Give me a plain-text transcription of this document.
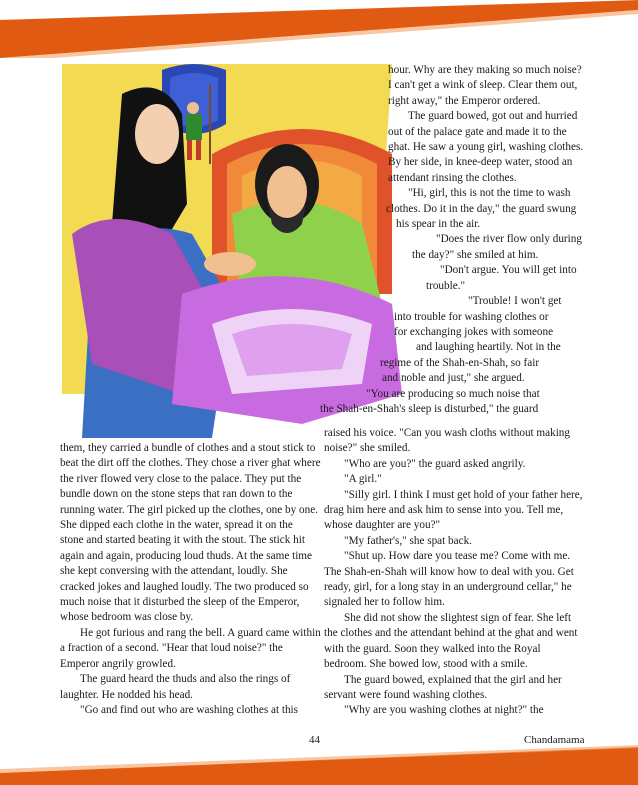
hour. Why are they making so much noise?
I can't get a wink of sleep. Clear them out,
right away," the Emperor ordered.
The guard bowed, got out and hurried
out of the palace gate and made it to the
ghat. He saw a young girl, washing clothes.
By her side, in knee-deep water, stood an
attendant rinsing the clothes.
"Hi, girl, this is not the time to wash
clothes. Do it in the day," the guard swung
his spear in the air.
"Does the river flow only during
the day?" she smiled at him.
"Don't argue. You will get into
trouble."
"Trouble! I won't get
into trouble for washing clothes or
for exchanging jokes with someone
and laughing heartily. Not in the
regime of the Shah-en-Shah, so fair
and noble and just," she argued.
"You are producing so much noise that
the Shah-en-Shah's sleep is disturbed," the guard
them, they carried a bundle of clothes and a stout stick to
beat the dirt off the clothes. They chose a river ghat where
the river flowed very close to the palace. They put the
bundle down on the stone steps that ran down to the
running water. The girl picked up the clothes, one by one.
She dipped each clothe in the water, spread it on the
stone and started beating it with the stout. The stick hit
again and again, producing loud thuds. At the same time
she kept conversing with the attendant, loudly. She
cracked jokes and laughed loudly. The two produced so
much noise that it disturbed the sleep of the Emperor,
whose bedroom was close by.
He got furious and rang the bell. A guard came within
a fraction of a second. "Hear that loud noise?" the
Emperor angrily growled.
The guard heard the thuds and also the rings of
laughter. He nodded his head.
"Go and find out who are washing clothes at this
raised his voice. "Can you wash cloths without making
noise?" she smiled.
"Who are you?" the guard asked angrily.
"A girl."
"Silly girl. I think I must get hold of your father here,
drag him here and ask him to sense into you. Tell me,
whose daughter are you?"
"My father's," she spat back.
"Shut up. How dare you tease me? Come with me.
The Shah-en-Shah will know how to deal with you. Get
ready, girl, for a long stay in an underground cellar," he
signaled her to follow him.
She did not show the slightest sign of fear. She left
the clothes and the attendant behind at the ghat and went
with the guard. Soon they walked into the Royal
bedroom. She bowed low, stood with a smile.
The guard bowed, explained that the girl and her
servant were found washing clothes.
"Why are you washing clothes at night?" the
44	Chandamama
